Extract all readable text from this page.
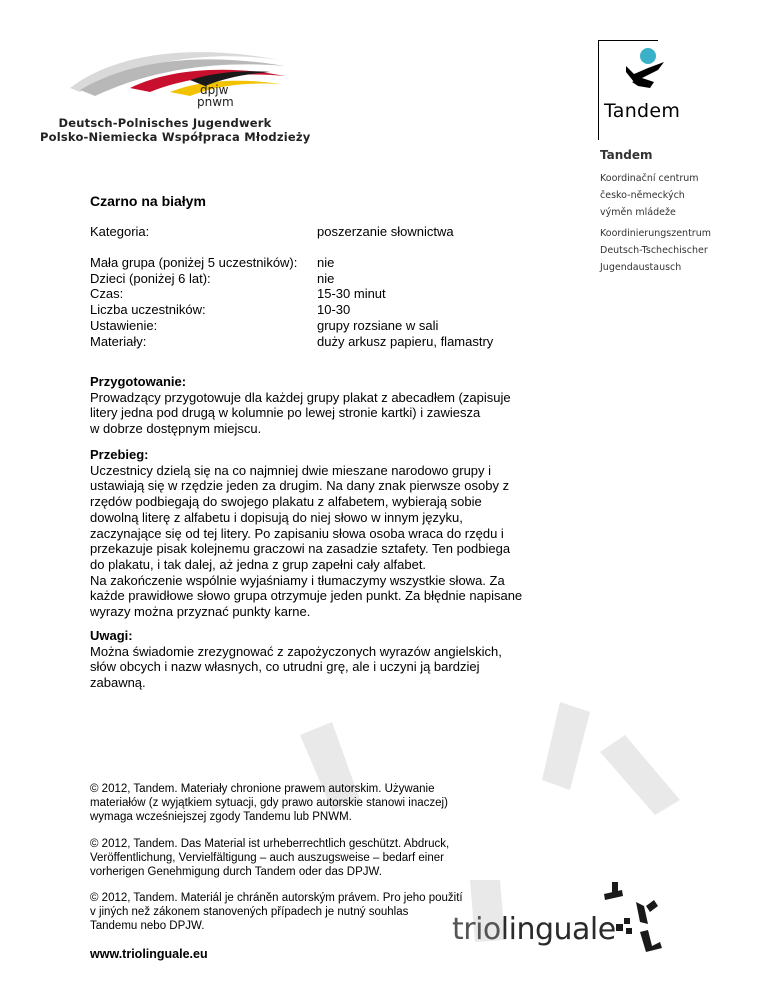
dpjw
pnwm
Deutsch-Polnisches Jugendwerk
Polsko-Niemiecka Współpraca Młodzieży
Tandem
Tandem
Koordinační centrum
česko-německých
výměn mládeže
Koordinierungszentrum
Deutsch-Tschechischer
Jugendaustausch
Czarno na białym
Kategoria:	poszerzanie słownictwa
Mała grupa (poniżej 5 uczestników): nie
Dzieci (poniżej 6 lat):	nie
Czas:	15-30 minut
Liczba uczestników:	10-30
Ustawienie:	grupy rozsiane w sali
Materiały:	duży arkusz papieru, flamastry
Przygotowanie:
Prowadzący przygotowuje dla każdej grupy plakat z abecadłem (zapisuje
litery jedna pod drugą w kolumnie po lewej stronie kartki) i zawiesza
w dobrze dostępnym miejscu.
Przebieg:
Uczestnicy dzielą się na co najmniej dwie mieszane narodowo grupy i
ustawiają się w rzędzie jeden za drugim. Na dany znak pierwsze osoby z
rzędów podbiegają do swojego plakatu z alfabetem, wybierają sobie
dowolną literę z alfabetu i dopisują do niej słowo w innym języku,
zaczynające się od tej litery. Po zapisaniu słowa osoba wraca do rzędu i
przekazuje pisak kolejnemu graczowi na zasadzie sztafety. Ten podbiega
do plakatu, i tak dalej, aż jedna z grup zapełni cały alfabet.
Na zakończenie wspólnie wyjaśniamy i tłumaczymy wszystkie słowa. Za
każde prawidłowe słowo grupa otrzymuje jeden punkt. Za błędnie napisane
wyrazy można przyznać punkty karne.
Uwagi:
Można świadomie zrezygnować z zapożyczonych wyrazów angielskich,
słów obcych i nazw własnych, co utrudni grę, ale i uczyni ją bardziej
zabawną.
© 2012, Tandem. Materiały chronione prawem autorskim. Używanie
materiałów (z wyjątkiem sytuacji, gdy prawo autorskie stanowi inaczej)
wymaga wcześniejszej zgody Tandemu lub PNWM.
© 2012, Tandem. Das Material ist urheberrechtlich geschützt. Abdruck,
Veröffentlichung, Vervielfältigung – auch auszugsweise – bedarf einer
vorherigen Genehmigung durch Tandem oder das DPJW.
© 2012, Tandem. Materiál je chráněn autorským právem. Pro jeho použití
v jiných než zákonem stanovených případech je nutný souhlas
Tandemu nebo DPJW.
www.triolinguale.eu
triolinguale
